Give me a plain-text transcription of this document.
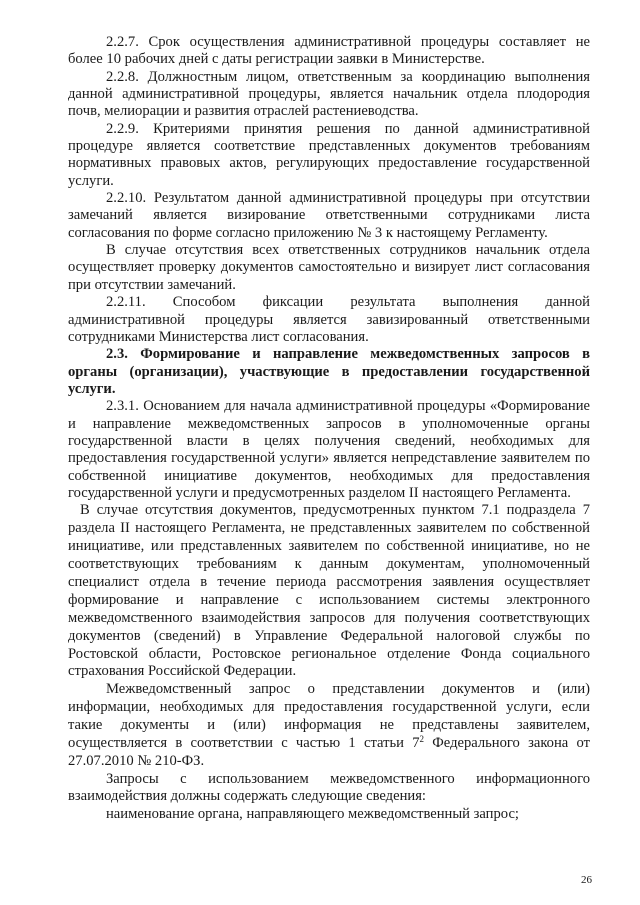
2.2.7. Срок осуществления административной процедуры составляет не более 10 рабочих дней с даты регистрации заявки в Министерстве.

2.2.8. Должностным лицом, ответственным за координацию выполнения данной административной процедуры, является начальник отдела плодородия почв, мелиорации и развития отраслей растениеводства.

2.2.9. Критериями принятия решения по данной административной процедуре является соответствие представленных документов требованиям нормативных правовых актов, регулирующих предоставление государственной услуги.

2.2.10. Результатом данной административной процедуры при отсутствии замечаний является визирование ответственными сотрудниками листа согласования по форме согласно приложению № 3 к настоящему Регламенту.

В случае отсутствия всех ответственных сотрудников начальник отдела осуществляет проверку документов самостоятельно и визирует лист согласования при отсутствии замечаний.

2.2.11. Способом фиксации результата выполнения данной административной процедуры является завизированный ответственными сотрудниками Министерства лист согласования.

2.3. Формирование и направление межведомственных запросов в органы (организации), участвующие в предоставлении государственной услуги.

2.3.1. Основанием для начала административной процедуры «Формирование и направление межведомственных запросов в уполномоченные органы государственной власти в целях получения сведений, необходимых для предоставления государственной услуги» является непредставление заявителем по собственной инициативе документов, необходимых для предоставления государственной услуги и предусмотренных разделом II настоящего Регламента.

В случае отсутствия документов, предусмотренных пунктом 7.1 подраздела 7 раздела II настоящего Регламента, не представленных заявителем по собственной инициативе, или представленных заявителем по собственной инициативе, но не соответствующих требованиям к данным документам, уполномоченный специалист отдела в течение периода рассмотрения заявления осуществляет формирование и направление с использованием системы электронного межведомственного взаимодействия запросов для получения соответствующих документов (сведений) в Управление Федеральной налоговой службы по Ростовской области, Ростовское региональное отделение Фонда социального страхования Российской Федерации.

Межведомственный запрос о представлении документов и (или) информации, необходимых для предоставления государственной услуги, если такие документы и (или) информация не представлены заявителем, осуществляется в соответствии с частью 1 статьи $7^2$ Федерального закона от 27.07.2010 № 210-ФЗ.

Запросы с использованием межведомственного информационного взаимодействия должны содержать следующие сведения:

наименование органа, направляющего межведомственный запрос;

26
